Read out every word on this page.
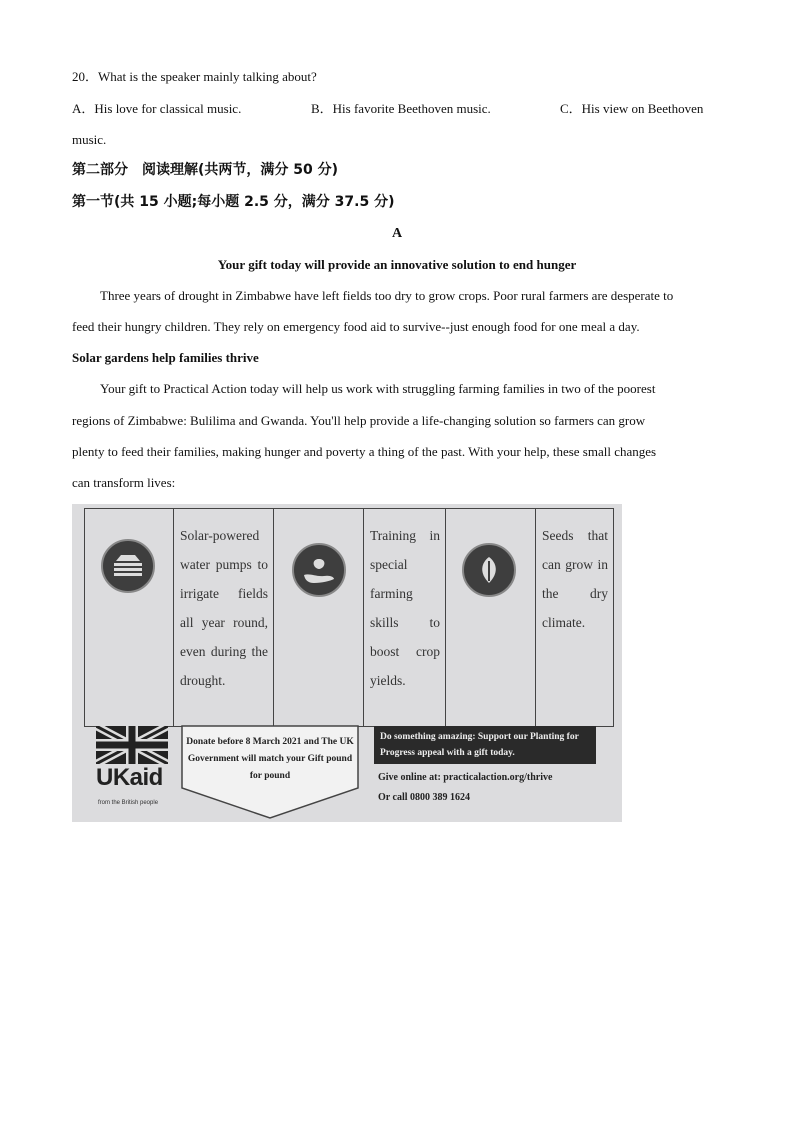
20．What is the speaker mainly talking about?
A．His love for classical music.	B．His favorite Beethoven music.	C．His view on Beethoven
music.
第二部分　阅读理解(共两节，满分 50 分)
第一节(共 15 小题;每小题 2.5 分，满分 37.5 分)
A
Your gift today will provide an innovative solution to end hunger
Three years of drought in Zimbabwe have left fields too dry to grow crops. Poor rural farmers are desperate to
feed their hungry children. They rely on emergency food aid to survive--just enough food for one meal a day.
Solar gardens help families thrive
Your gift to Practical Action today will help us work with struggling farming families in two of the poorest
regions of Zimbabwe: Bulilima and Gwanda. You'll help provide a life-changing solution so farmers can grow
plenty to feed their families, making hunger and poverty a thing of the past. With your help, these small changes
can transform lives:
Solar-powered water pumps to irrigate fields all year round, even during the drought.
Training in special farming skills to boost crop yields.
Seeds that can grow in the dry climate.
UKaid
from the British people
Donate before 8 March 2021 and The UK Government will match your Gift pound for pound
Do something amazing: Support our Planting for Progress appeal with a gift today.
Give online at: practicalaction.org/thrive
Or call 0800 389 1624
